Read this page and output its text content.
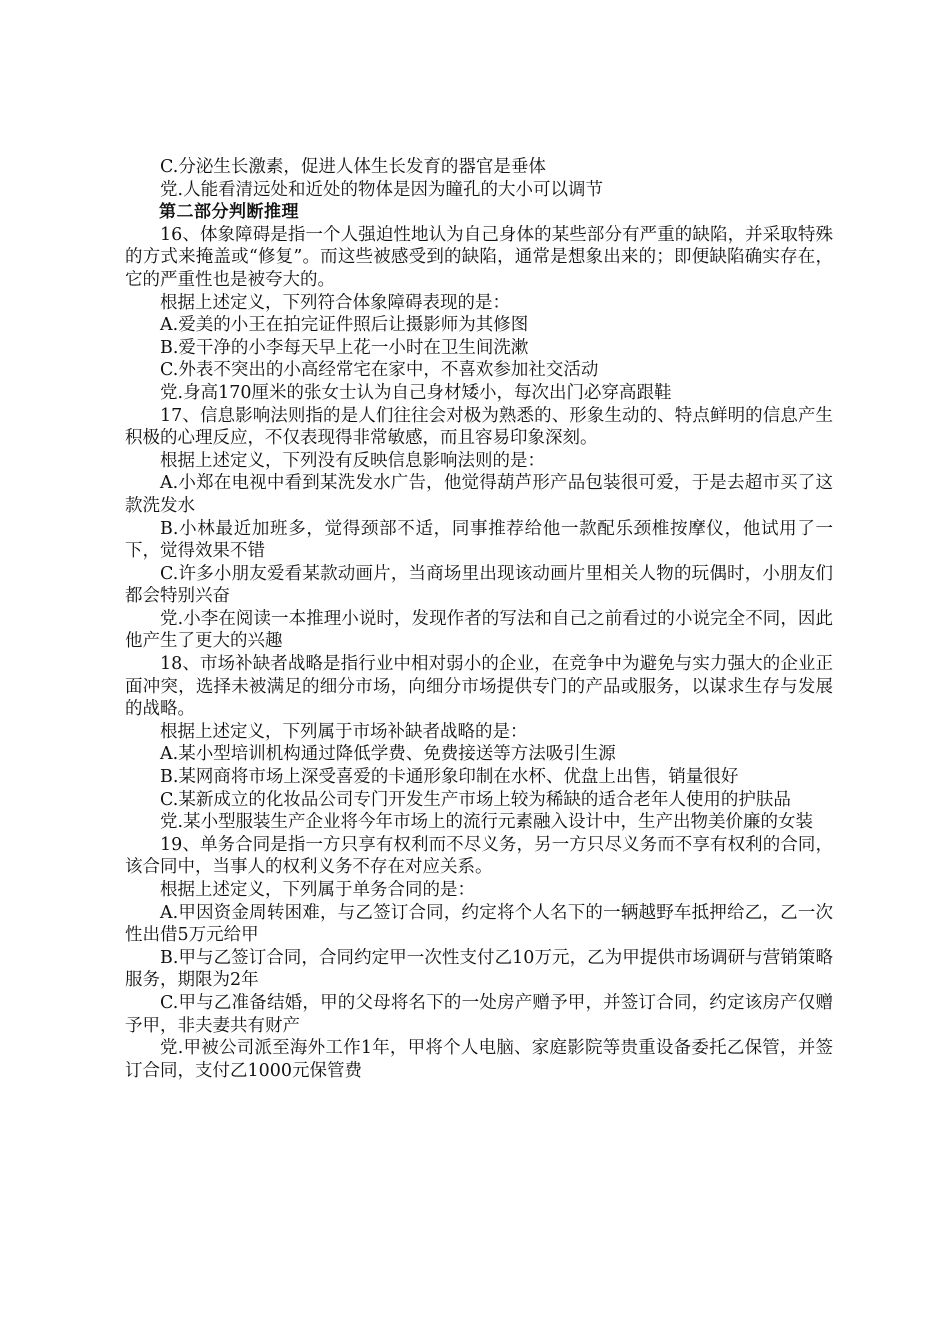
C.分泌生长激素，促进人体生长发育的器官是垂体

党.人能看清远处和近处的物体是因为瞳孔的大小可以调节

第二部分判断推理

16、体象障碍是指一个人强迫性地认为自己身体的某些部分有严重的缺陷，并采取特殊的方式来掩盖或“修复”。而这些被感受到的缺陷，通常是想象出来的；即便缺陷确实存在，它的严重性也是被夸大的。

根据上述定义，下列符合体象障碍表现的是：

A.爱美的小王在拍完证件照后让摄影师为其修图

B.爱干净的小李每天早上花一小时在卫生间洗漱

C.外表不突出的小高经常宅在家中，不喜欢参加社交活动

党.身高170厘米的张女士认为自己身材矮小，每次出门必穿高跟鞋

17、信息影响法则指的是人们往往会对极为熟悉的、形象生动的、特点鲜明的信息产生积极的心理反应，不仅表现得非常敏感，而且容易印象深刻。

根据上述定义，下列没有反映信息影响法则的是：

A.小郑在电视中看到某洗发水广告，他觉得葫芦形产品包装很可爱，于是去超市买了这款洗发水

B.小林最近加班多，觉得颈部不适，同事推荐给他一款配乐颈椎按摩仪，他试用了一下，觉得效果不错

C.许多小朋友爱看某款动画片，当商场里出现该动画片里相关人物的玩偶时，小朋友们都会特别兴奋

党.小李在阅读一本推理小说时，发现作者的写法和自己之前看过的小说完全不同，因此他产生了更大的兴趣

18、市场补缺者战略是指行业中相对弱小的企业，在竞争中为避免与实力强大的企业正面冲突，选择未被满足的细分市场，向细分市场提供专门的产品或服务，以谋求生存与发展的战略。

根据上述定义，下列属于市场补缺者战略的是：

A.某小型培训机构通过降低学费、免费接送等方法吸引生源

B.某网商将市场上深受喜爱的卡通形象印制在水杯、优盘上出售，销量很好

C.某新成立的化妆品公司专门开发生产市场上较为稀缺的适合老年人使用的护肤品

党.某小型服装生产企业将今年市场上的流行元素融入设计中，生产出物美价廉的女装

19、单务合同是指一方只享有权利而不尽义务，另一方只尽义务而不享有权利的合同，该合同中，当事人的权利义务不存在对应关系。

根据上述定义，下列属于单务合同的是：

A.甲因资金周转困难，与乙签订合同，约定将个人名下的一辆越野车抵押给乙，乙一次性出借5万元给甲

B.甲与乙签订合同，合同约定甲一次性支付乙10万元，乙为甲提供市场调研与营销策略服务，期限为2年

C.甲与乙准备结婚，甲的父母将名下的一处房产赠予甲，并签订合同，约定该房产仅赠予甲，非夫妻共有财产

党.甲被公司派至海外工作1年，甲将个人电脑、家庭影院等贵重设备委托乙保管，并签订合同，支付乙1000元保管费
